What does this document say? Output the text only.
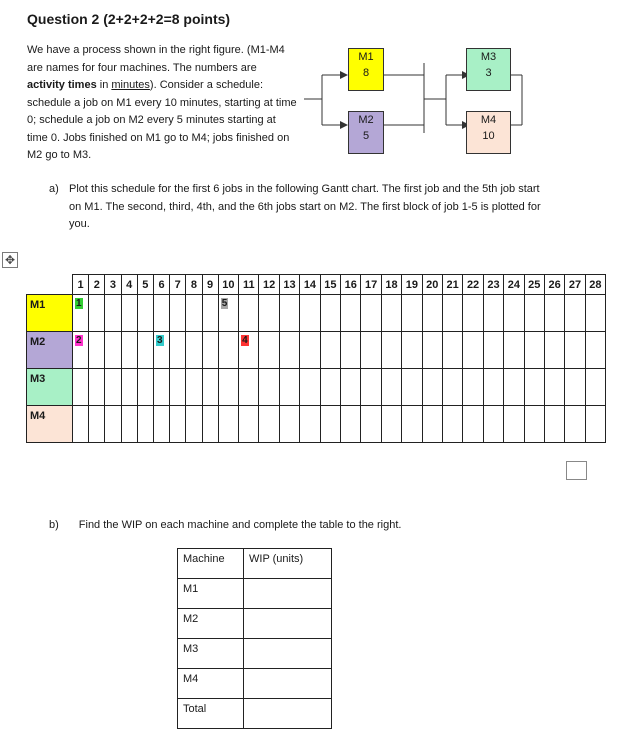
Question 2 (2+2+2+2=8 points)
We have a process shown in the right figure. (M1-M4 are names for four machines. The numbers are activity times in minutes). Consider a schedule: schedule a job on M1 every 10 minutes, starting at time 0; schedule a job on M2 every 5 minutes starting at time 0. Jobs finished on M1 go to M4; jobs finished on M2 go to M3.
M1
8
M2
5
M3
3
M4
10
a) Plot this schedule for the first 6 jobs in the following Gantt chart. The first job and the 5th job start on M1. The second, third, 4th, and the 6th jobs start on M2. The first block of job 1-5 is plotted for you.
✥
	1	2	3	4	5	6	7	8	9	10	11	12	13	14	15	16	17	18	19	20	21	22	23	24	25	26	27	28
M1	1									5																		
M2	2					3					4																	
M3																												
M4																												
b) Find the WIP on each machine and complete the table to the right.
Machine	WIP (units)
M1	
M2	
M3	
M4	
Total	
